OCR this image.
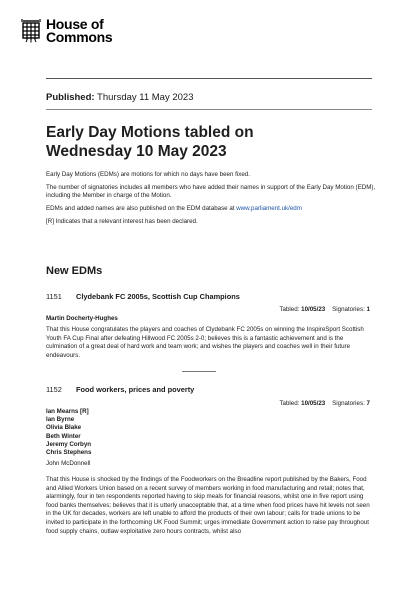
House of
Commons
Published: Thursday 11 May 2023
Early Day Motions tabled on
Wednesday 10 May 2023

Early Day Motions (EDMs) are motions for which no days have been fixed.

The number of signatories includes all members who have added their names in support of the Early Day Motion (EDM), including the Member in charge of the Motion.

EDMs and added names are also published on the EDM database at www.parliament.uk/edm

[R] Indicates that a relevant interest has been declared.

New EDMs
1151	Clydebank FC 2005s, Scottish Cup Champions
Tabled: 10/05/23 Signatories: 1
Martin Docherty-Hughes
That this House congratulates the players and coaches of Clydebank FC 2005s on winning the InspireSport Scottish Youth FA Cup Final after defeating Hillwood FC 2005s 2-0; believes this is a fantastic achievement and is the culmination of a great deal of hard work and team work; and wishes the players and coaches well in their future endeavours.
1152	Food workers, prices and poverty
Tabled: 10/05/23 Signatories: 7
Ian Mearns [R]
Ian Byrne
Olivia Blake
Beth Winter
Jeremy Corbyn
Chris Stephens
John McDonnell
That this House is shocked by the findings of the Foodworkers on the Breadline report published by the Bakers, Food and Allied Workers Union based on a recent survey of members working in food manufacturing and retail; notes that, alarmingly, four in ten respondents reported having to skip meals for financial reasons, whilst one in five report using food banks themselves; believes that it is utterly unacceptable that, at a time when food prices have hit levels not seen in the UK for decades, workers are left unable to afford the products of their own labour; calls for trade unions to be invited to participate in the forthcoming UK Food Summit; urges immediate Government action to raise pay throughout food supply chains, outlaw exploitative zero hours contracts, whilst also
